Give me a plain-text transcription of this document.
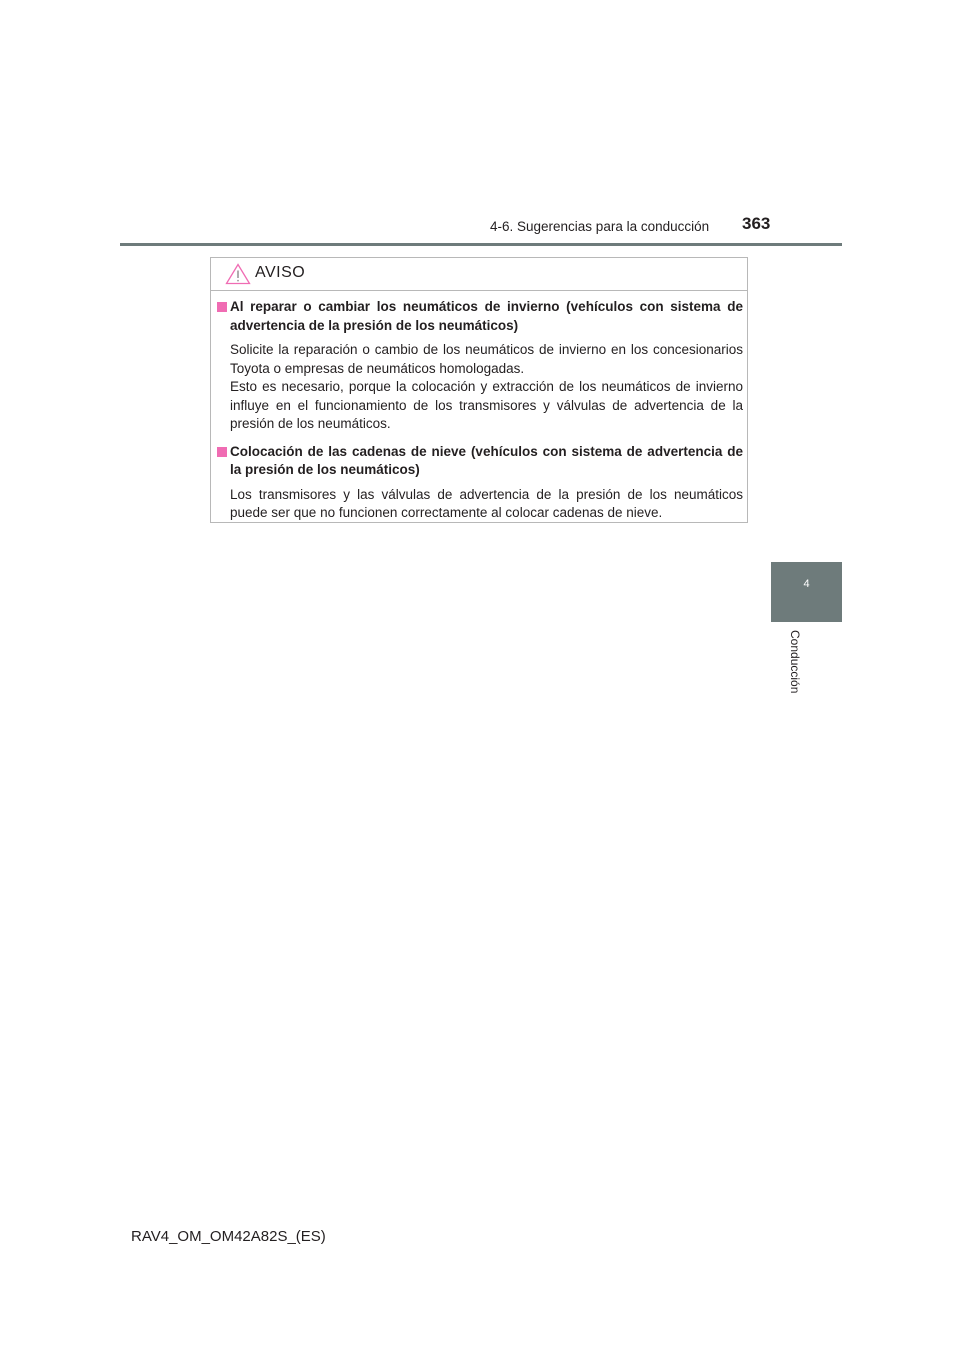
4-6. Sugerencias para la conducción 363
4
Conducción
AVISO
Al reparar o cambiar los neumáticos de invierno (vehículos con sistema de advertencia de la presión de los neumáticos)

Solicite la reparación o cambio de los neumáticos de invierno en los concesionarios Toyota o empresas de neumáticos homologadas.

Esto es necesario, porque la colocación y extracción de los neumáticos de invierno influye en el funcionamiento de los transmisores y válvulas de advertencia de la presión de los neumáticos.

Colocación de las cadenas de nieve (vehículos con sistema de advertencia de la presión de los neumáticos)

Los transmisores y las válvulas de advertencia de la presión de los neumáticos puede ser que no funcionen correctamente al colocar cadenas de nieve.

RAV4_OM_OM42A82S_(ES)
